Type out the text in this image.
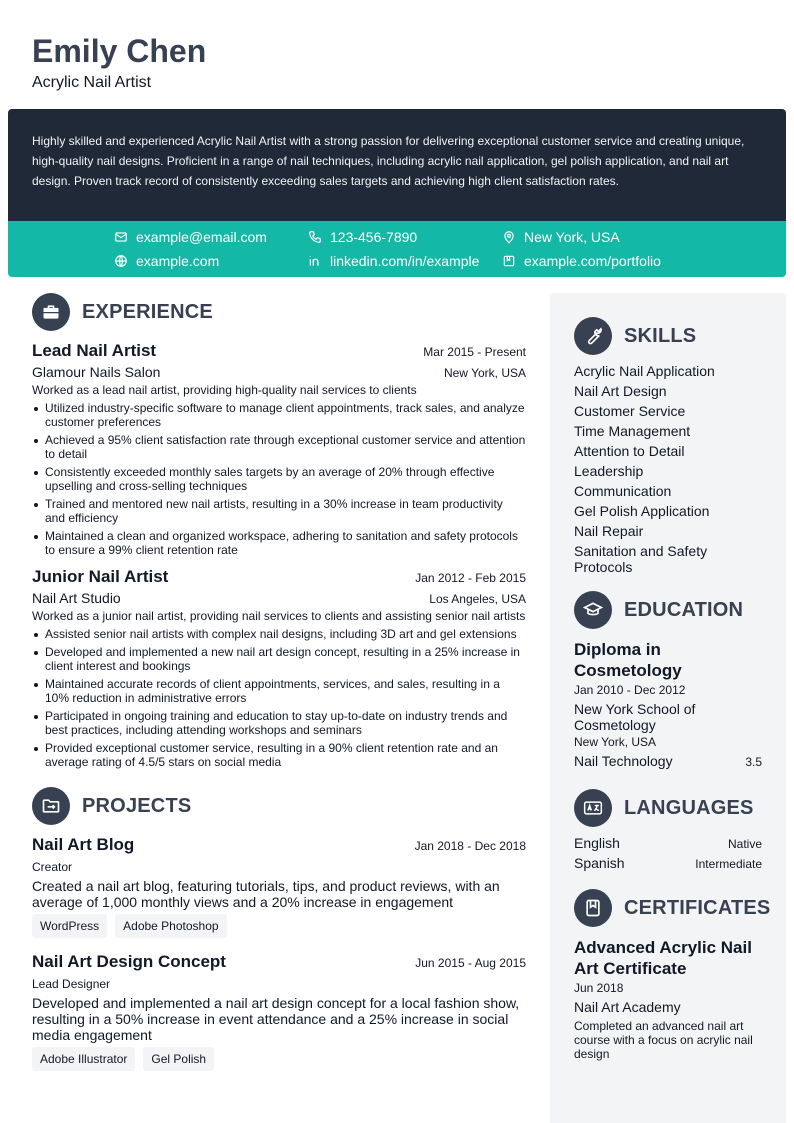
Emily Chen
Acrylic Nail Artist
Highly skilled and experienced Acrylic Nail Artist with a strong passion for delivering exceptional customer service and creating unique, high-quality nail designs. Proficient in a range of nail techniques, including acrylic nail application, gel polish application, and nail art design. Proven track record of consistently exceeding sales targets and achieving high client satisfaction rates.
example@email.com	123-456-7890	New York, USA
example.com	linkedin.com/in/example	example.com/portfolio
EXPERIENCE
Lead Nail Artist	Mar 2015 - Present
Glamour Nails Salon	New York, USA
Worked as a lead nail artist, providing high-quality nail services to clients
Utilized industry-specific software to manage client appointments, track sales, and analyze customer preferences
Achieved a 95% client satisfaction rate through exceptional customer service and attention to detail
Consistently exceeded monthly sales targets by an average of 20% through effective upselling and cross-selling techniques
Trained and mentored new nail artists, resulting in a 30% increase in team productivity and efficiency
Maintained a clean and organized workspace, adhering to sanitation and safety protocols to ensure a 99% client retention rate
Junior Nail Artist	Jan 2012 - Feb 2015
Nail Art Studio	Los Angeles, USA
Worked as a junior nail artist, providing nail services to clients and assisting senior nail artists
Assisted senior nail artists with complex nail designs, including 3D art and gel extensions
Developed and implemented a new nail art design concept, resulting in a 25% increase in client interest and bookings
Maintained accurate records of client appointments, services, and sales, resulting in a 10% reduction in administrative errors
Participated in ongoing training and education to stay up-to-date on industry trends and best practices, including attending workshops and seminars
Provided exceptional customer service, resulting in a 90% client retention rate and an average rating of 4.5/5 stars on social media
PROJECTS
Nail Art Blog	Jan 2018 - Dec 2018
Creator
Created a nail art blog, featuring tutorials, tips, and product reviews, with an average of 1,000 monthly views and a 20% increase in engagement
WordPress	Adobe Photoshop
Nail Art Design Concept	Jun 2015 - Aug 2015
Lead Designer
Developed and implemented a nail art design concept for a local fashion show, resulting in a 50% increase in event attendance and a 25% increase in social media engagement
Adobe Illustrator	Gel Polish
SKILLS
Acrylic Nail Application
Nail Art Design
Customer Service
Time Management
Attention to Detail
Leadership
Communication
Gel Polish Application
Nail Repair
Sanitation and Safety Protocols
EDUCATION
Diploma in Cosmetology
Jan 2010 - Dec 2012
New York School of Cosmetology
New York, USA
Nail Technology	3.5
LANGUAGES
English	Native
Spanish	Intermediate
CERTIFICATES
Advanced Acrylic Nail Art Certificate
Jun 2018
Nail Art Academy
Completed an advanced nail art course with a focus on acrylic nail design
